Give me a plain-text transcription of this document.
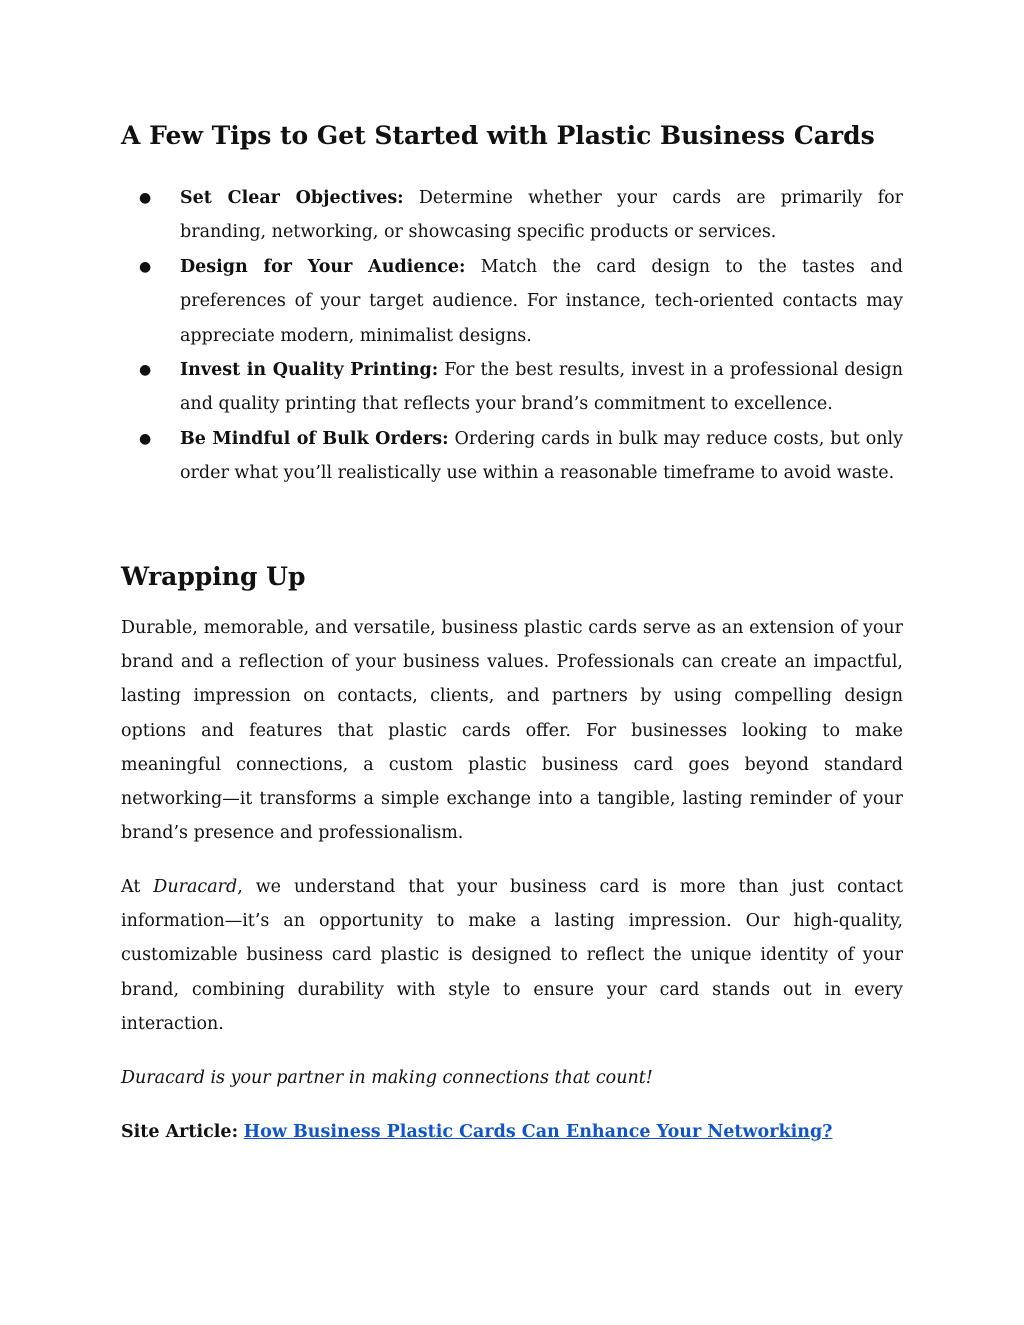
A Few Tips to Get Started with Plastic Business Cards
● Set Clear Objectives: Determine whether your cards are primarily for branding, networking, or showcasing specific products or services.
● Design for Your Audience: Match the card design to the tastes and preferences of your target audience. For instance, tech-oriented contacts may appreciate modern, minimalist designs.
● Invest in Quality Printing: For the best results, invest in a professional design and quality printing that reflects your brand’s commitment to excellence.
● Be Mindful of Bulk Orders: Ordering cards in bulk may reduce costs, but only order what you’ll realistically use within a reasonable timeframe to avoid waste.
Wrapping Up

Durable, memorable, and versatile, business plastic cards serve as an extension of your brand and a reflection of your business values. Professionals can create an impactful, lasting impression on contacts, clients, and partners by using compelling design options and features that plastic cards offer. For businesses looking to make meaningful connections, a custom plastic business card goes beyond standard networking—it transforms a simple exchange into a tangible, lasting reminder of your brand’s presence and professionalism.

At Duracard, we understand that your business card is more than just contact information—it’s an opportunity to make a lasting impression. Our high-quality, customizable business card plastic is designed to reflect the unique identity of your brand, combining durability with style to ensure your card stands out in every interaction.

Duracard is your partner in making connections that count!

Site Article: How Business Plastic Cards Can Enhance Your Networking?
